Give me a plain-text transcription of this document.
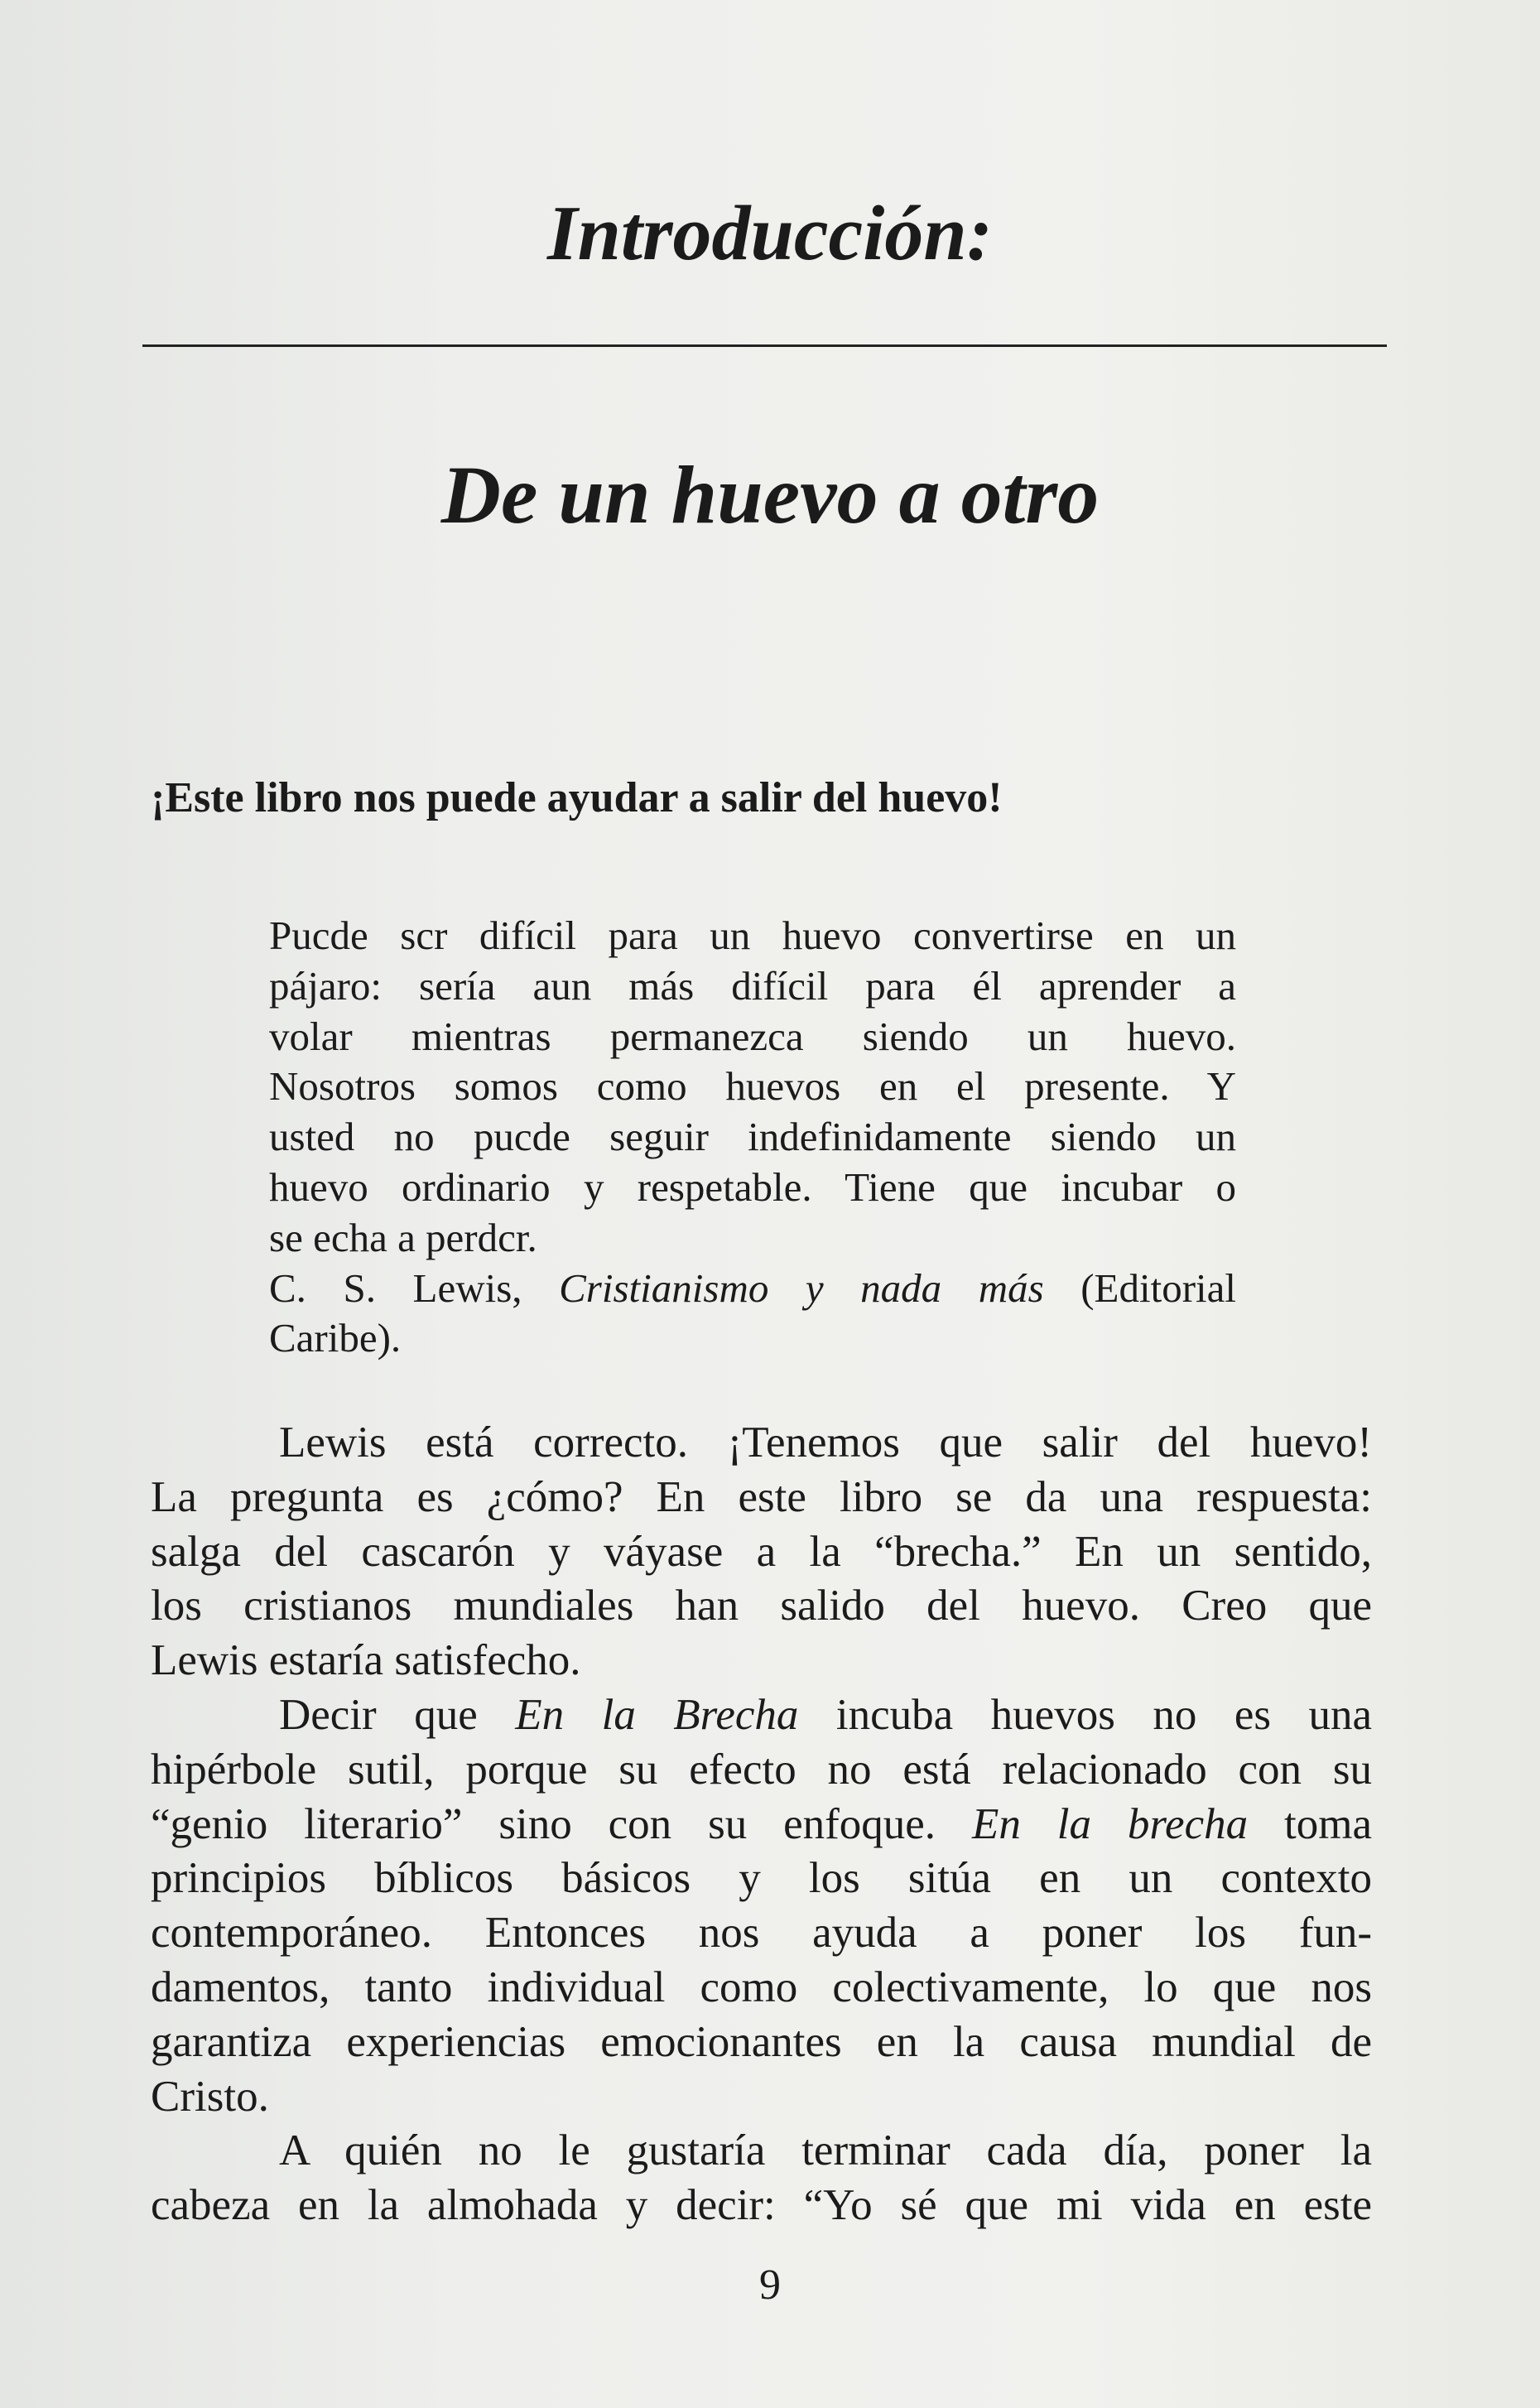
Introducción:
De un huevo a otro
¡Este libro nos puede ayudar a salir del huevo!
Pucde scr difícil para un huevo convertirse en un
pájaro: sería aun más difícil para él aprender a
volar mientras permanezca siendo un huevo.
Nosotros somos como huevos en el presente. Y
usted no pucde seguir indefinidamente siendo un
huevo ordinario y respetable. Tiene que incubar o
se echa a perdcr.
C. S. Lewis, Cristianismo y nada más (Editorial
Caribe).
Lewis está correcto. ¡Tenemos que salir del huevo!
La pregunta es ¿cómo? En este libro se da una respuesta:
salga del cascarón y váyase a la “brecha.” En un sentido,
los cristianos mundiales han salido del huevo. Creo que
Lewis estaría satisfecho.
Decir que En la Brecha incuba huevos no es una
hipérbole sutil, porque su efecto no está relacionado con su
“genio literario” sino con su enfoque. En la brecha toma
principios bíblicos básicos y los sitúa en un contexto
contemporáneo. Entonces nos ayuda a poner los fun-
damentos, tanto individual como colectivamente, lo que nos
garantiza experiencias emocionantes en la causa mundial de
Cristo.
A quién no le gustaría terminar cada día, poner la
cabeza en la almohada y decir: “Yo sé que mi vida en este
9
